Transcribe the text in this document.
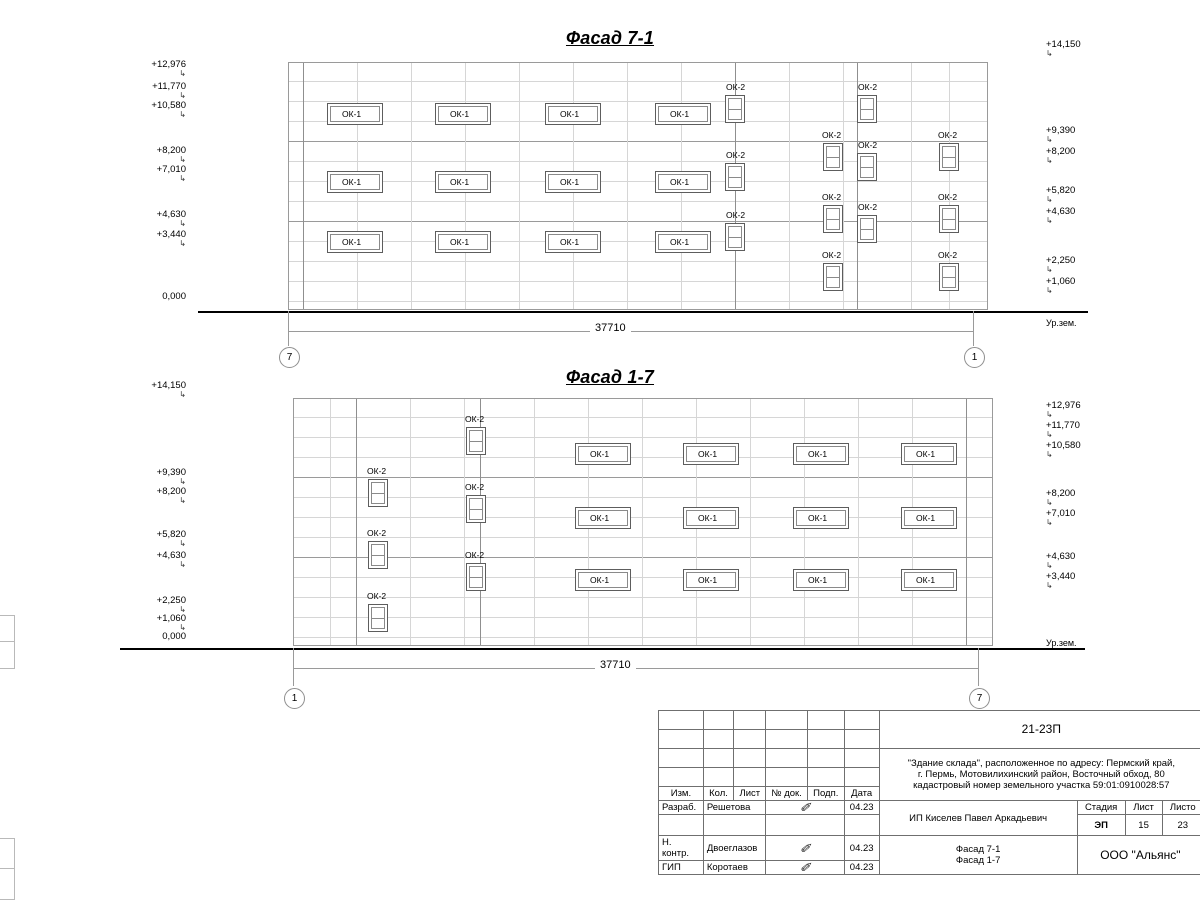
Фасад 7-1	+14,150
↳
+12,976
↳
+11,770
↳
+10,580
↳
+8,200
↳
+7,010
↳
+4,630
↳
+3,440
↳
0,000
+9,390
↳
+8,200
↳
+5,820
↳
+4,630
↳
+2,250
↳
+1,060
↳
ОК-1	ОК-1	ОК-1	ОК-1
ОК-1	ОК-1	ОК-1	ОК-1
ОК-1	ОК-1	ОК-1	ОК-1
ОК-2
ОК-2
ОК-2
ОК-2
ОК-2
ОК-2
ОК-2
ОК-2
ОК-2
ОК-2
ОК-2
ОК-2
Ур.зем.
37710
7	1
Фасад 1-7
+14,150
↳
+9,390
↳
+8,200
↳
+5,820
↳
+4,630
↳
+2,250
↳
+1,060
↳
0,000
+12,976
↳
+11,770
↳
+10,580
↳
+8,200
↳
+7,010
↳
+4,630
↳
+3,440
↳
ОК-2
ОК-2
ОК-2
ОК-2
ОК-2
ОК-2
ОК-1	ОК-1	ОК-1	ОК-1
ОК-1	ОК-1	ОК-1	ОК-1
ОК-1	ОК-1	ОК-1	ОК-1
Ур.зем.
37710
1	7
						21-23П			

						"Здание склада", расположенное по адресу: Пермский край,
г. Пермь, Мотовилихинский район, Восточный обход, 80
кадастровый номер земельного участка 59:01:0910028:57			

Изм.	Кол.	Лист	№ док.	Подп.	Дата				
Разраб.	Решетова		✐		04.23	ИП Киселев Павел Аркадьевич	Стадия	Лист	Листо
							ЭП	15	23
Н. контр.	Двоеглазов		✐		04.23	Фасад 7-1
Фасад 1-7	ООО "Альянс"		
ГИП	Коротаев		✐		04.23				
